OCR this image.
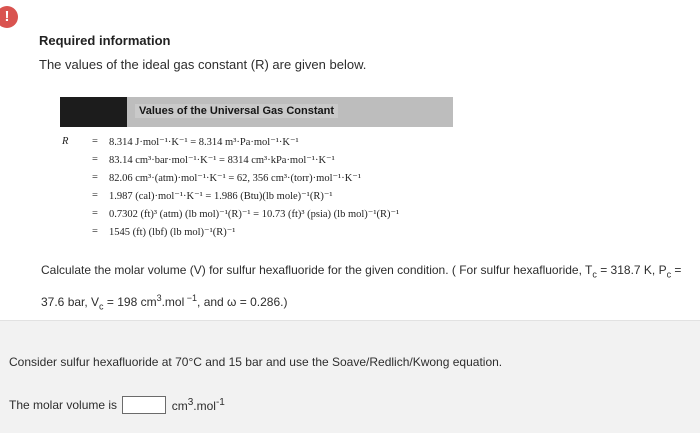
!
Required information
The values of the ideal gas constant (R) are given below.
Values of the Universal Gas Constant
R	= 8.314 J·mol⁻¹·K⁻¹ = 8.314 m³·Pa·mol⁻¹·K⁻¹
= 83.14 cm³·bar·mol⁻¹·K⁻¹ = 8314 cm³·kPa·mol⁻¹·K⁻¹
= 82.06 cm³·(atm)·mol⁻¹·K⁻¹ = 62, 356 cm³·(torr)·mol⁻¹·K⁻¹
= 1.987 (cal)·mol⁻¹·K⁻¹ = 1.986 (Btu)(lb mole)⁻¹(R)⁻¹
= 0.7302 (ft)³ (atm) (lb mol)⁻¹(R)⁻¹ = 10.73 (ft)³ (psia) (lb mol)⁻¹(R)⁻¹
= 1545 (ft) (lbf) (lb mol)⁻¹(R)⁻¹
Calculate the molar volume (V) for sulfur hexafluoride for the given condition. ( For sulfur hexafluoride, $T_c = 318.7$ K, $P_c$ =
37.6 bar, $V_c = 198$ $cm^3.mol$ $^{-1}$, and ω = 0.286.)
Consider sulfur hexafluoride at 70°C and 15 bar and use the Soave/Redlich/Kwong equation.
The molar volume is	$cm^3.mol^{-1}$
